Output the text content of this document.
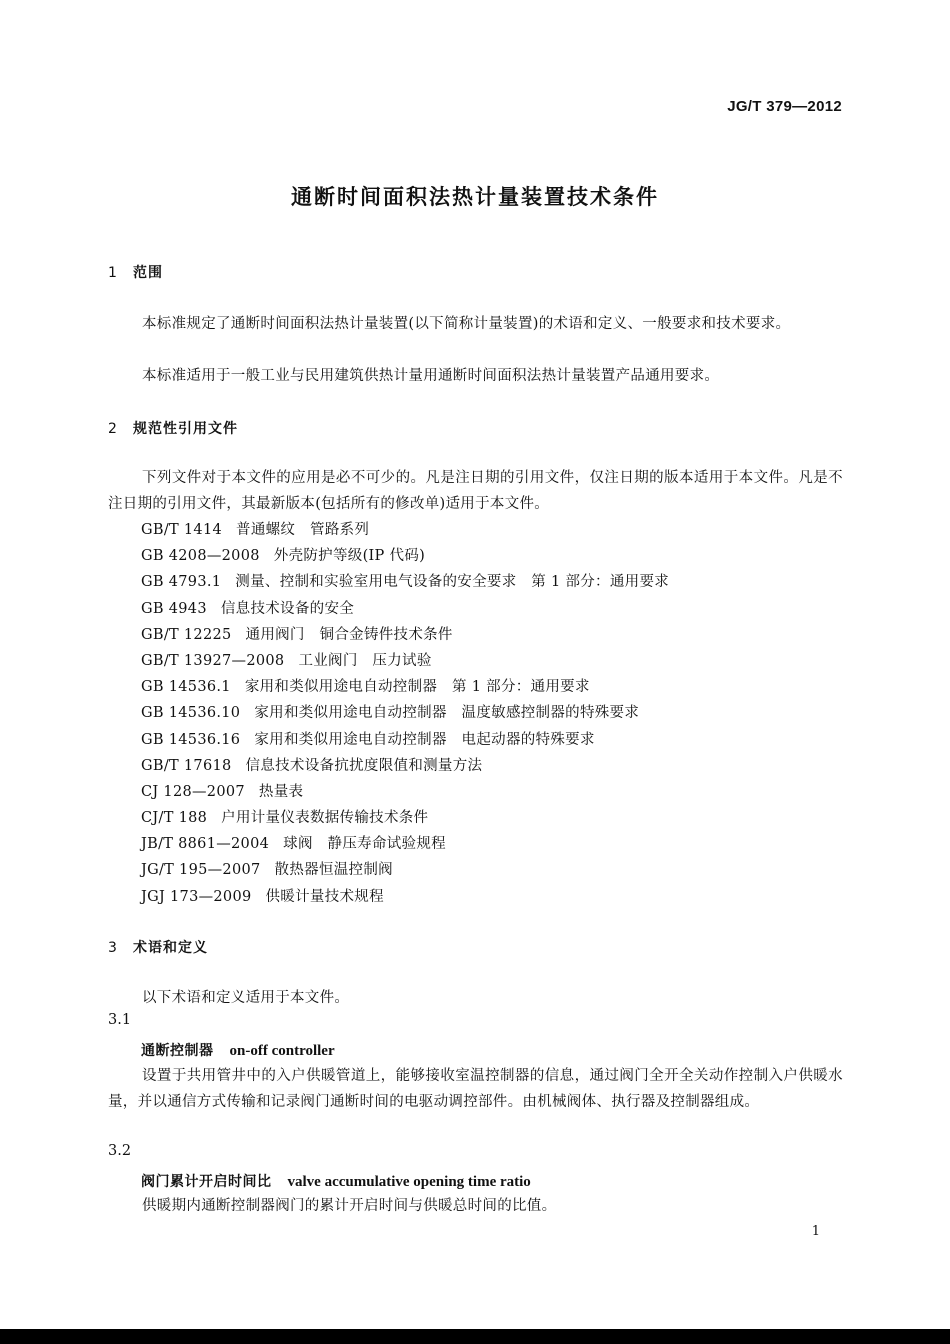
JG/T 379—2012
通断时间面积法热计量装置技术条件
1 范围
本标准规定了通断时间面积法热计量装置(以下简称计量装置)的术语和定义、一般要求和技术要求。
本标准适用于一般工业与民用建筑供热计量用通断时间面积法热计量装置产品通用要求。
2 规范性引用文件
下列文件对于本文件的应用是必不可少的。凡是注日期的引用文件，仅注日期的版本适用于本文件。凡是不注日期的引用文件，其最新版本(包括所有的修改单)适用于本文件。
GB/T 1414 普通螺纹　管路系列
GB 4208—2008 外壳防护等级(IP 代码)
GB 4793.1 测量、控制和实验室用电气设备的安全要求　第 1 部分：通用要求
GB 4943 信息技术设备的安全
GB/T 12225 通用阀门　铜合金铸件技术条件
GB/T 13927—2008 工业阀门　压力试验
GB 14536.1 家用和类似用途电自动控制器　第 1 部分：通用要求
GB 14536.10 家用和类似用途电自动控制器　温度敏感控制器的特殊要求
GB 14536.16 家用和类似用途电自动控制器　电起动器的特殊要求
GB/T 17618 信息技术设备抗扰度限值和测量方法
CJ 128—2007 热量表
CJ/T 188 户用计量仪表数据传输技术条件
JB/T 8861—2004 球阀　静压寿命试验规程
JG/T 195—2007 散热器恒温控制阀
JGJ 173—2009 供暖计量技术规程
3 术语和定义
以下术语和定义适用于本文件。
3.1
通断控制器 on-off controller
设置于共用管井中的入户供暖管道上，能够接收室温控制器的信息，通过阀门全开全关动作控制入户供暖水量，并以通信方式传输和记录阀门通断时间的电驱动调控部件。由机械阀体、执行器及控制器组成。
3.2
阀门累计开启时间比 valve accumulative opening time ratio
供暖期内通断控制器阀门的累计开启时间与供暖总时间的比值。
1
